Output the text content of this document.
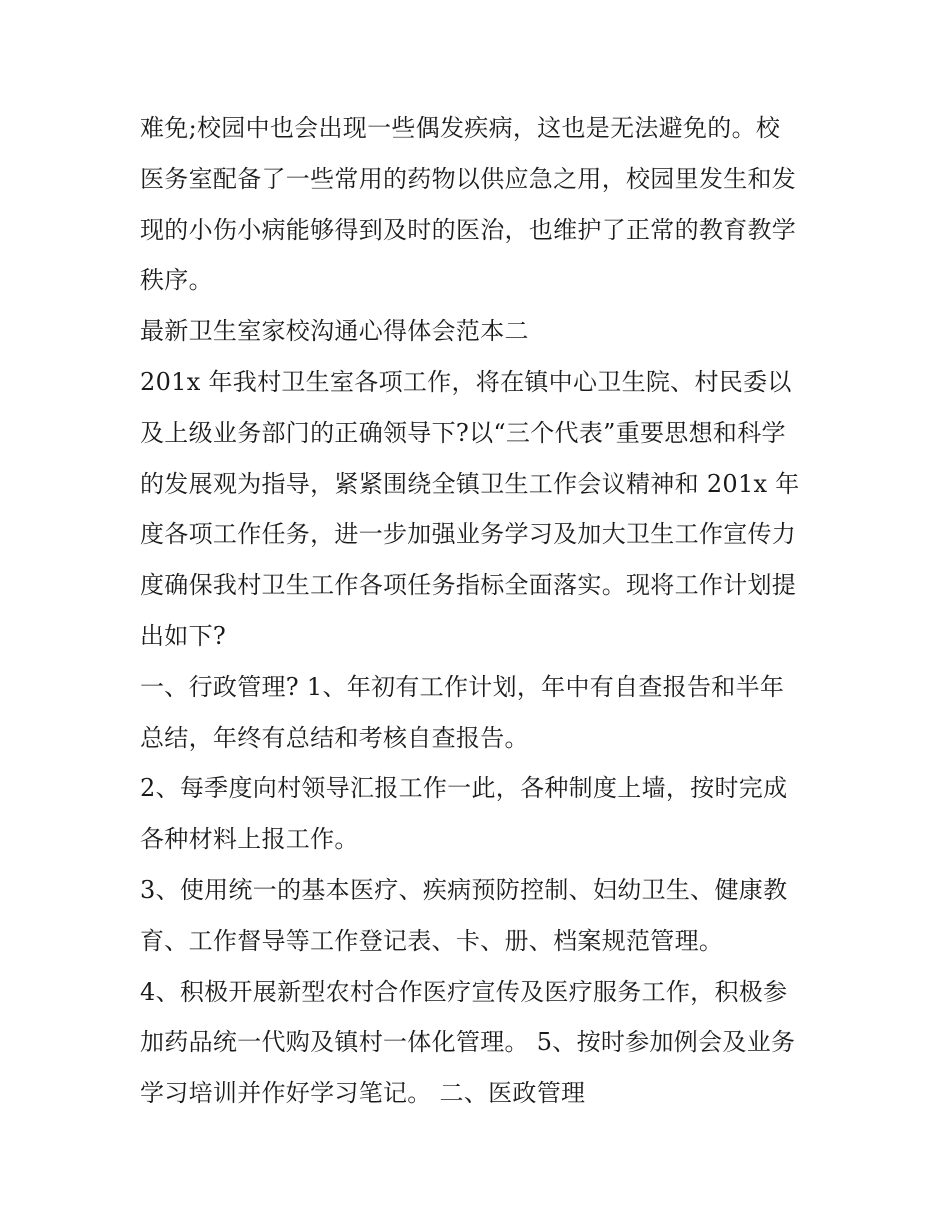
难免;校园中也会出现一些偶发疾病，这也是无法避免的。校
医务室配备了一些常用的药物以供应急之用，校园里发生和发
现的小伤小病能够得到及时的医治，也维护了正常的教育教学
秩序。
最新卫生室家校沟通心得体会范本二
201x 年我村卫生室各项工作，将在镇中心卫生院、村民委以
及上级业务部门的正确领导下?以“三个代表”重要思想和科学
的发展观为指导，紧紧围绕全镇卫生工作会议精神和 201x 年
度各项工作任务，进一步加强业务学习及加大卫生工作宣传力
度确保我村卫生工作各项任务指标全面落实。现将工作计划提
出如下?
一、行政管理? 1、年初有工作计划，年中有自查报告和半年
总结，年终有总结和考核自查报告。
2、每季度向村领导汇报工作一此，各种制度上墙，按时完成
各种材料上报工作。
3、使用统一的基本医疗、疾病预防控制、妇幼卫生、健康教
育、工作督导等工作登记表、卡、册、档案规范管理。
4、积极开展新型农村合作医疗宣传及医疗服务工作，积极参
加药品统一代购及镇村一体化管理。 5、按时参加例会及业务
学习培训并作好学习笔记。 二、医政管理
